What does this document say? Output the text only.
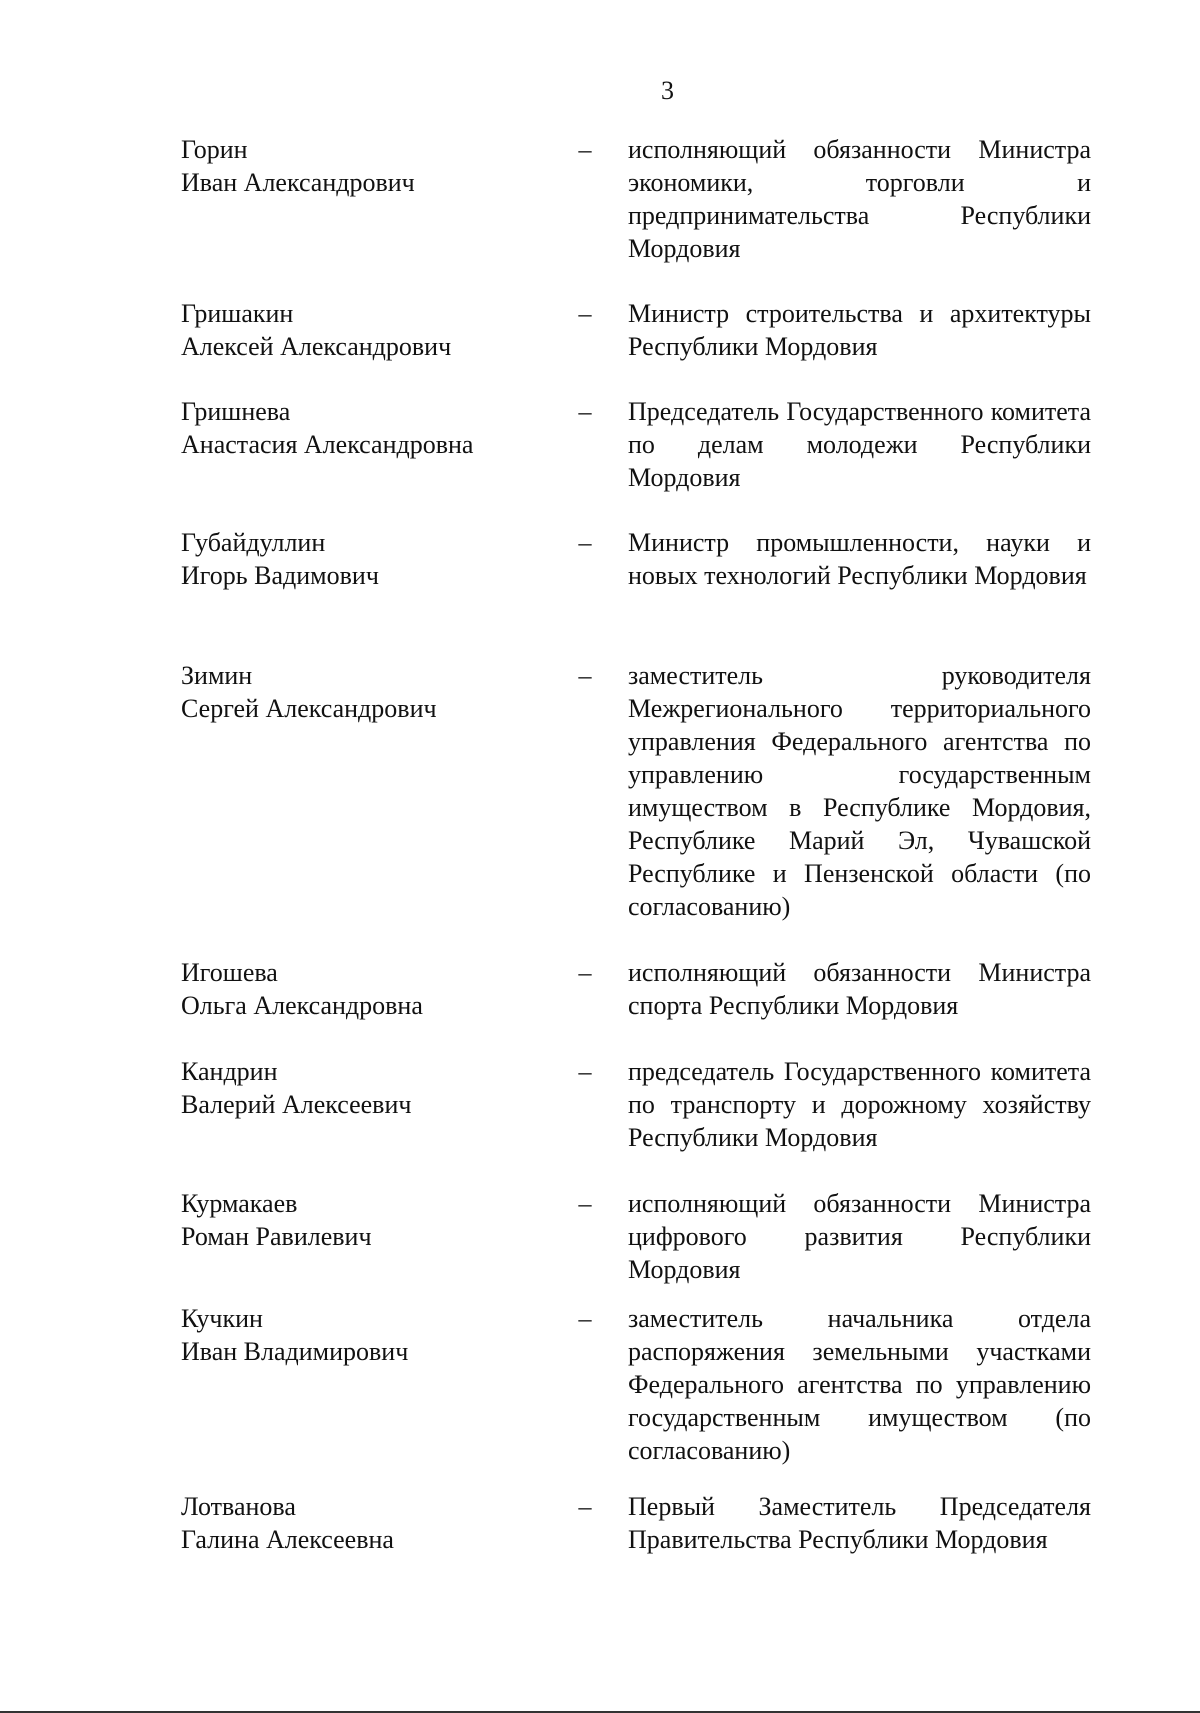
3
Горин
Иван Александрович
–	исполняющий обязанности Министра экономики, торговли и предпринимательства Республики Мордовия
Гришакин
Алексей Александрович
–	Министр строительства и архитектуры Республики Мордовия
Гришнева
Анастасия Александровна
–	Председатель Государственного комитета по делам молодежи Республики Мордовия
Губайдуллин
Игорь Вадимович
–	Министр промышленности, науки и новых технологий Республики Мордовия
Зимин
Сергей Александрович
–	заместитель руководителя Межрегионального территориального управления Федерального агентства по управлению государственным имуществом в Республике Мордовия, Республике Марий Эл, Чувашской Республике и Пензенской области (по согласованию)
Игошева
Ольга Александровна
–	исполняющий обязанности Министра спорта Республики Мордовия
Кандрин
Валерий Алексеевич
–	председатель Государственного комитета по транспорту и дорожному хозяйству Республики Мордовия
Курмакаев
Роман Равилевич
–	исполняющий обязанности Министра цифрового развития Республики Мордовия
Кучкин
Иван Владимирович
–	заместитель начальника отдела распоряжения земельными участками Федерального агентства по управлению государственным имуществом (по согласованию)
Лотванова
Галина Алексеевна
–	Первый Заместитель Председателя Правительства Республики Мордовия
